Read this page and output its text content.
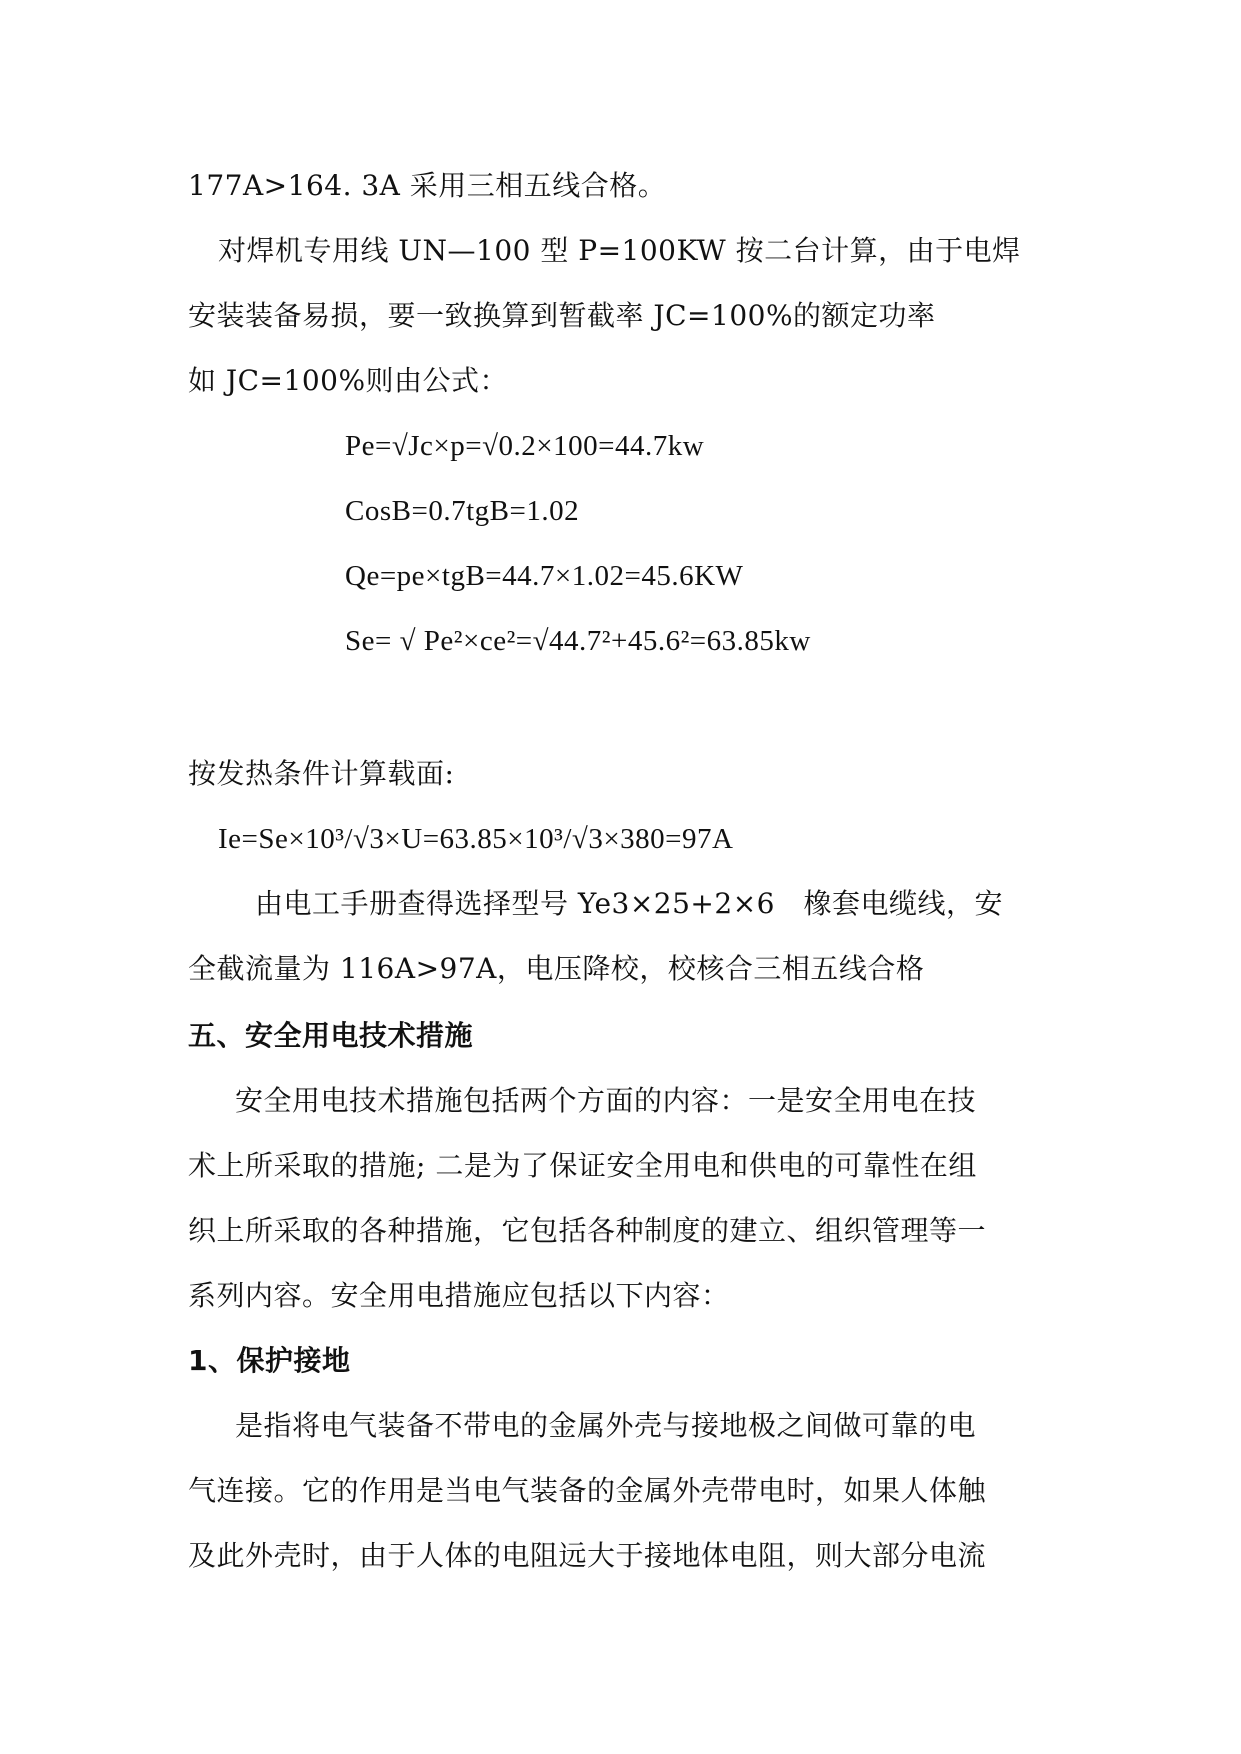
177A>164. 3A 采用三相五线合格。
对焊机专用线 UN—100 型 P=100KW 按二台计算，由于电焊
安装装备易损，要一致换算到暂截率 JC=100%的额定功率
如 JC=100%则由公式：
Pe=√Jc×p=√0.2×100=44.7kw
CosB=0.7tgB=1.02
Qe=pe×tgB=44.7×1.02=45.6KW
Se= √ Pe²×ce²=√44.7²+45.6²=63.85kw
按发热条件计算载面:
Ie=Se×10³/√3×U=63.85×10³/√3×380=97A
由电工手册查得选择型号 Ye3×25+2×6　橡套电缆线，安
全截流量为 116A>97A，电压降校，校核合三相五线合格
五、安全用电技术措施
安全用电技术措施包括两个方面的内容：一是安全用电在技
术上所采取的措施; 二是为了保证安全用电和供电的可靠性在组
织上所采取的各种措施，它包括各种制度的建立、组织管理等一
系列内容。安全用电措施应包括以下内容：
1、保护接地
是指将电气装备不带电的金属外壳与接地极之间做可靠的电
气连接。它的作用是当电气装备的金属外壳带电时，如果人体触
及此外壳时，由于人体的电阻远大于接地体电阻，则大部分电流
